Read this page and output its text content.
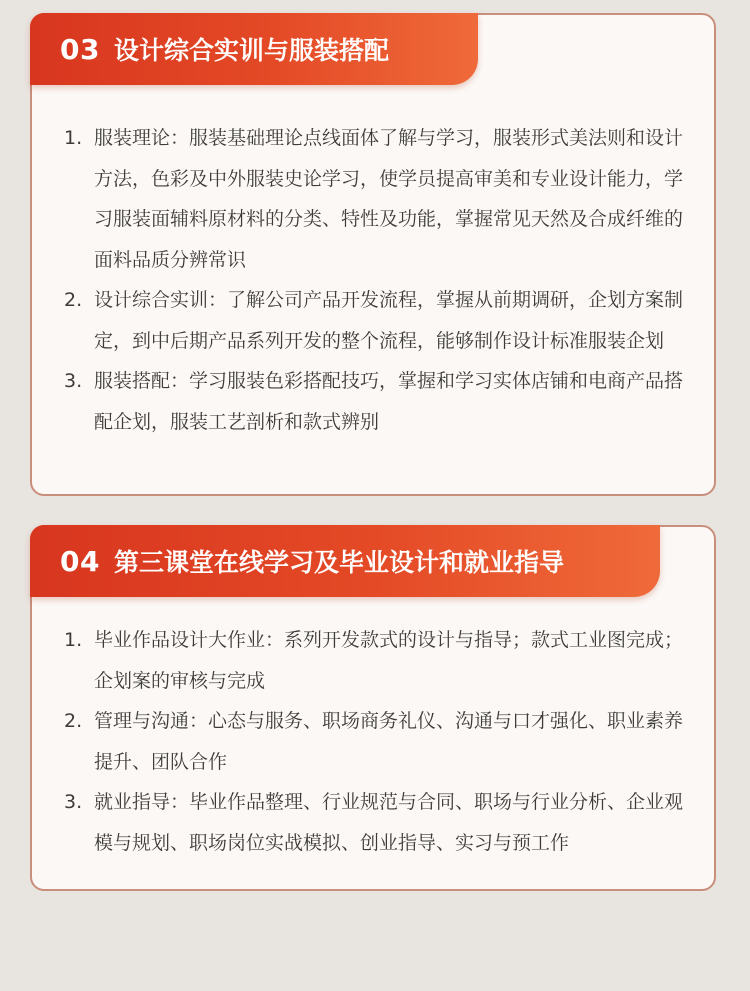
03 设计综合实训与服装搭配
1. 服装理论：服装基础理论点线面体了解与学习，服装形式美法则和设计方法，色彩及中外服装史论学习，使学员提高审美和专业设计能力，学习服装面辅料原材料的分类、特性及功能，掌握常见天然及合成纤维的面料品质分辨常识
2. 设计综合实训：了解公司产品开发流程，掌握从前期调研，企划方案制定，到中后期产品系列开发的整个流程，能够制作设计标准服装企划
3. 服装搭配：学习服装色彩搭配技巧，掌握和学习实体店铺和电商产品搭配企划，服装工艺剖析和款式辨别
04 第三课堂在线学习及毕业设计和就业指导
1. 毕业作品设计大作业：系列开发款式的设计与指导；款式工业图完成；企划案的审核与完成
2. 管理与沟通：心态与服务、职场商务礼仪、沟通与口才强化、职业素养提升、团队合作
3. 就业指导：毕业作品整理、行业规范与合同、职场与行业分析、企业观模与规划、职场岗位实战模拟、创业指导、实习与预工作
